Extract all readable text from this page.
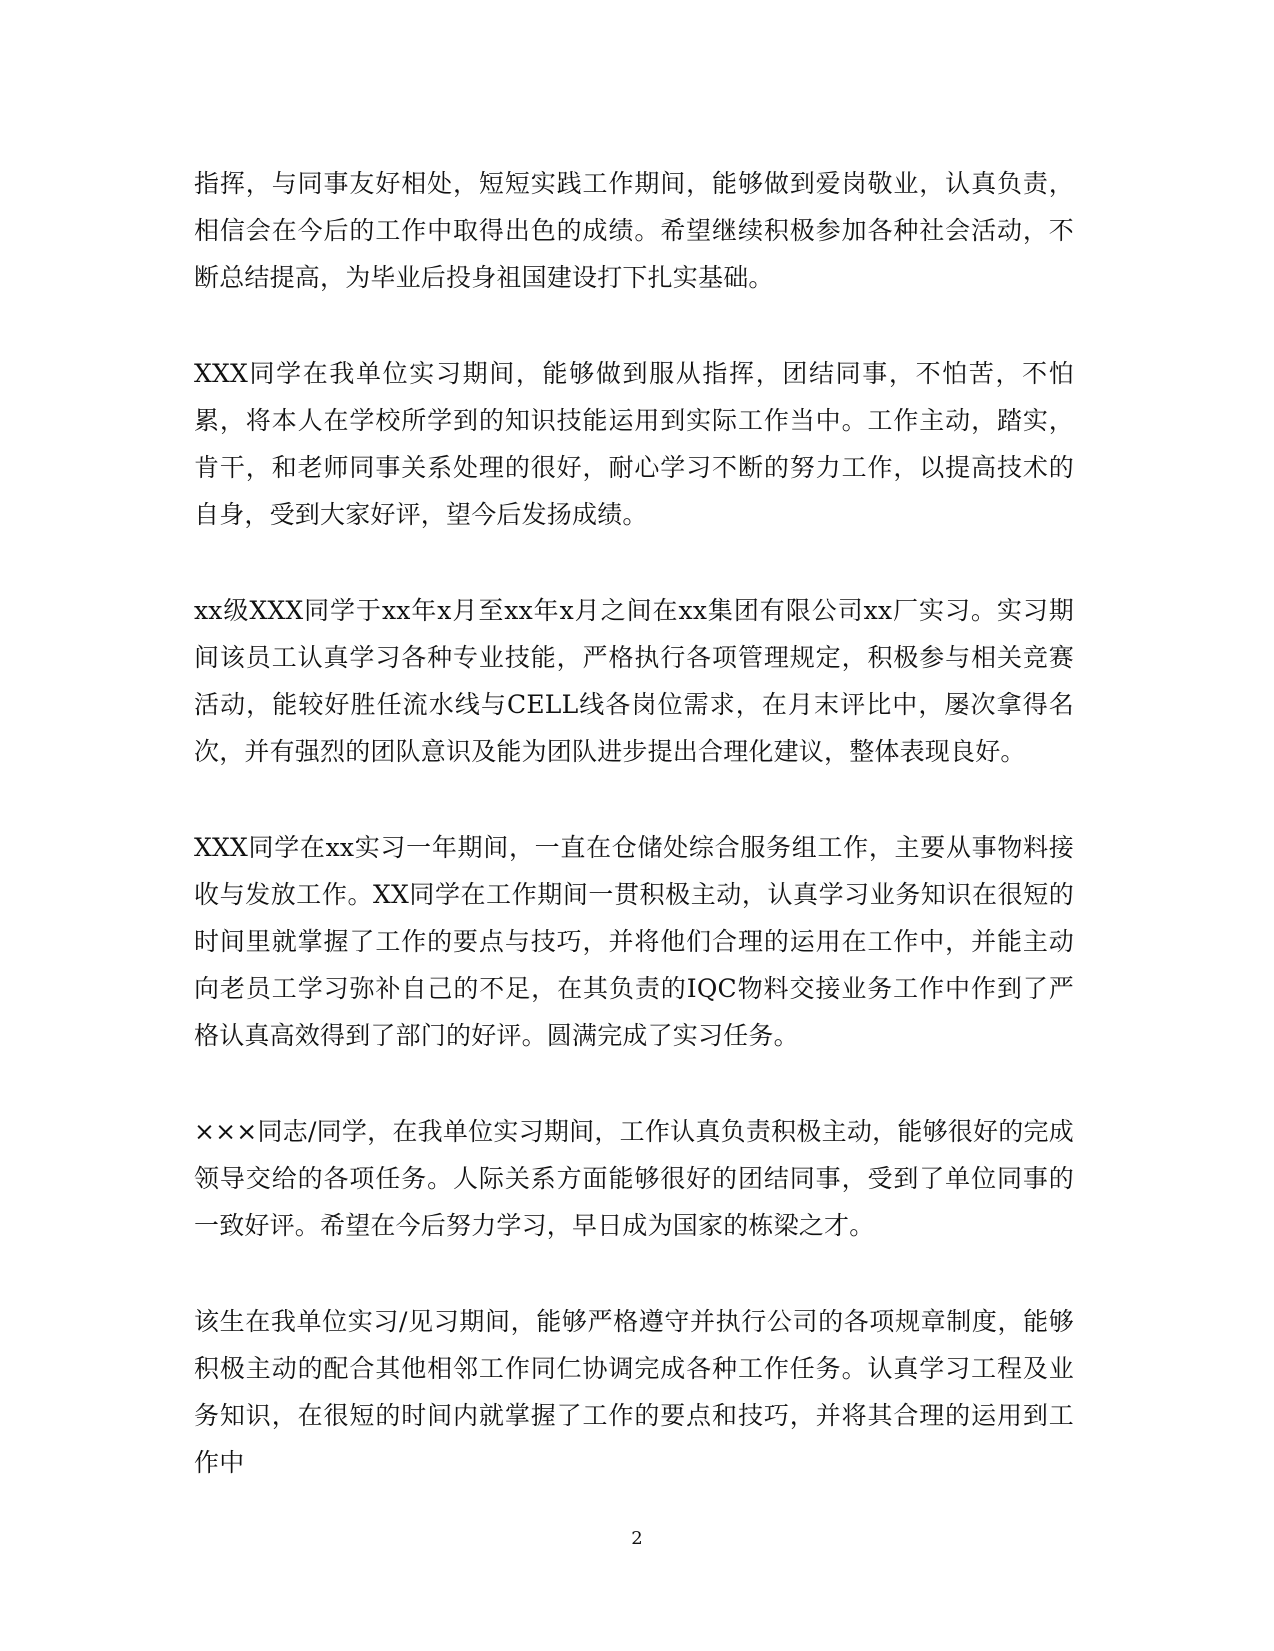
指挥，与同事友好相处，短短实践工作期间，能够做到爱岗敬业，认真负责，相信会在今后的工作中取得出色的成绩。希望继续积极参加各种社会活动，不断总结提高，为毕业后投身祖国建设打下扎实基础。

XXX同学在我单位实习期间，能够做到服从指挥，团结同事，不怕苦，不怕累，将本人在学校所学到的知识技能运用到实际工作当中。工作主动，踏实，肯干，和老师同事关系处理的很好，耐心学习不断的努力工作，以提高技术的自身，受到大家好评，望今后发扬成绩。

xx级XXX同学于xx年x月至xx年x月之间在xx集团有限公司xx厂实习。实习期间该员工认真学习各种专业技能，严格执行各项管理规定，积极参与相关竞赛活动，能较好胜任流水线与CELL线各岗位需求，在月末评比中，屡次拿得名次，并有强烈的团队意识及能为团队进步提出合理化建议，整体表现良好。

XXX同学在xx实习一年期间，一直在仓储处综合服务组工作，主要从事物料接收与发放工作。XX同学在工作期间一贯积极主动，认真学习业务知识在很短的时间里就掌握了工作的要点与技巧，并将他们合理的运用在工作中，并能主动向老员工学习弥补自己的不足，在其负责的IQC物料交接业务工作中作到了严格认真高效得到了部门的好评。圆满完成了实习任务。

×××同志/同学，在我单位实习期间，工作认真负责积极主动，能够很好的完成领导交给的各项任务。人际关系方面能够很好的团结同事，受到了单位同事的一致好评。希望在今后努力学习，早日成为国家的栋梁之才。

该生在我单位实习/见习期间，能够严格遵守并执行公司的各项规章制度，能够积极主动的配合其他相邻工作同仁协调完成各种工作任务。认真学习工程及业务知识，在很短的时间内就掌握了工作的要点和技巧，并将其合理的运用到工作中

2
